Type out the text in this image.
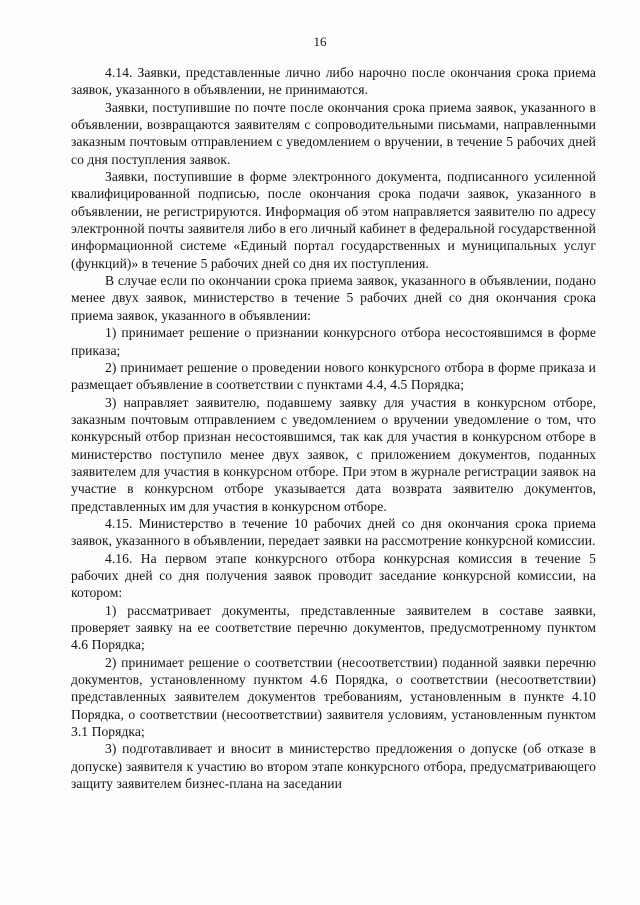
16

4.14. Заявки, представленные лично либо нарочно после окончания срока приема заявок, указанного в объявлении, не принимаются.

Заявки, поступившие по почте после окончания срока приема заявок, указанного в объявлении, возвращаются заявителям с сопроводительными письмами, направленными заказным почтовым отправлением с уведомлением о вручении, в течение 5 рабочих дней со дня поступления заявок.

Заявки, поступившие в форме электронного документа, подписанного усиленной квалифицированной подписью, после окончания срока подачи заявок, указанного в объявлении, не регистрируются. Информация об этом направляется заявителю по адресу электронной почты заявителя либо в его личный кабинет в федеральной государственной информационной системе «Единый портал государственных и муниципальных услуг (функций)» в течение 5 рабочих дней со дня их поступления.

В случае если по окончании срока приема заявок, указанного в объявлении, подано менее двух заявок, министерство в течение 5 рабочих дней со дня окончания срока приема заявок, указанного в объявлении:

1) принимает решение о признании конкурсного отбора несостоявшимся в форме приказа;

2) принимает решение о проведении нового конкурсного отбора в форме приказа и размещает объявление в соответствии с пунктами 4.4, 4.5 Порядка;

3) направляет заявителю, подавшему заявку для участия в конкурсном отборе, заказным почтовым отправлением с уведомлением о вручении уведомление о том, что конкурсный отбор признан несостоявшимся, так как для участия в конкурсном отборе в министерство поступило менее двух заявок, с приложением документов, поданных заявителем для участия в конкурсном отборе. При этом в журнале регистрации заявок на участие в конкурсном отборе указывается дата возврата заявителю документов, представленных им для участия в конкурсном отборе.

4.15. Министерство в течение 10 рабочих дней со дня окончания срока приема заявок, указанного в объявлении, передает заявки на рассмотрение конкурсной комиссии.

4.16. На первом этапе конкурсного отбора конкурсная комиссия в течение 5 рабочих дней со дня получения заявок проводит заседание конкурсной комиссии, на котором:

1) рассматривает документы, представленные заявителем в составе заявки, проверяет заявку на ее соответствие перечню документов, предусмотренному пунктом 4.6 Порядка;

2) принимает решение о соответствии (несоответствии) поданной заявки перечню документов, установленному пунктом 4.6 Порядка, о соответствии (несоответствии) представленных заявителем документов требованиям, установленным в пункте 4.10 Порядка, о соответствии (несоответствии) заявителя условиям, установленным пунктом 3.1 Порядка;

3) подготавливает и вносит в министерство предложения о допуске (об отказе в допуске) заявителя к участию во втором этапе конкурсного отбора, предусматривающего защиту заявителем бизнес-плана на заседании
